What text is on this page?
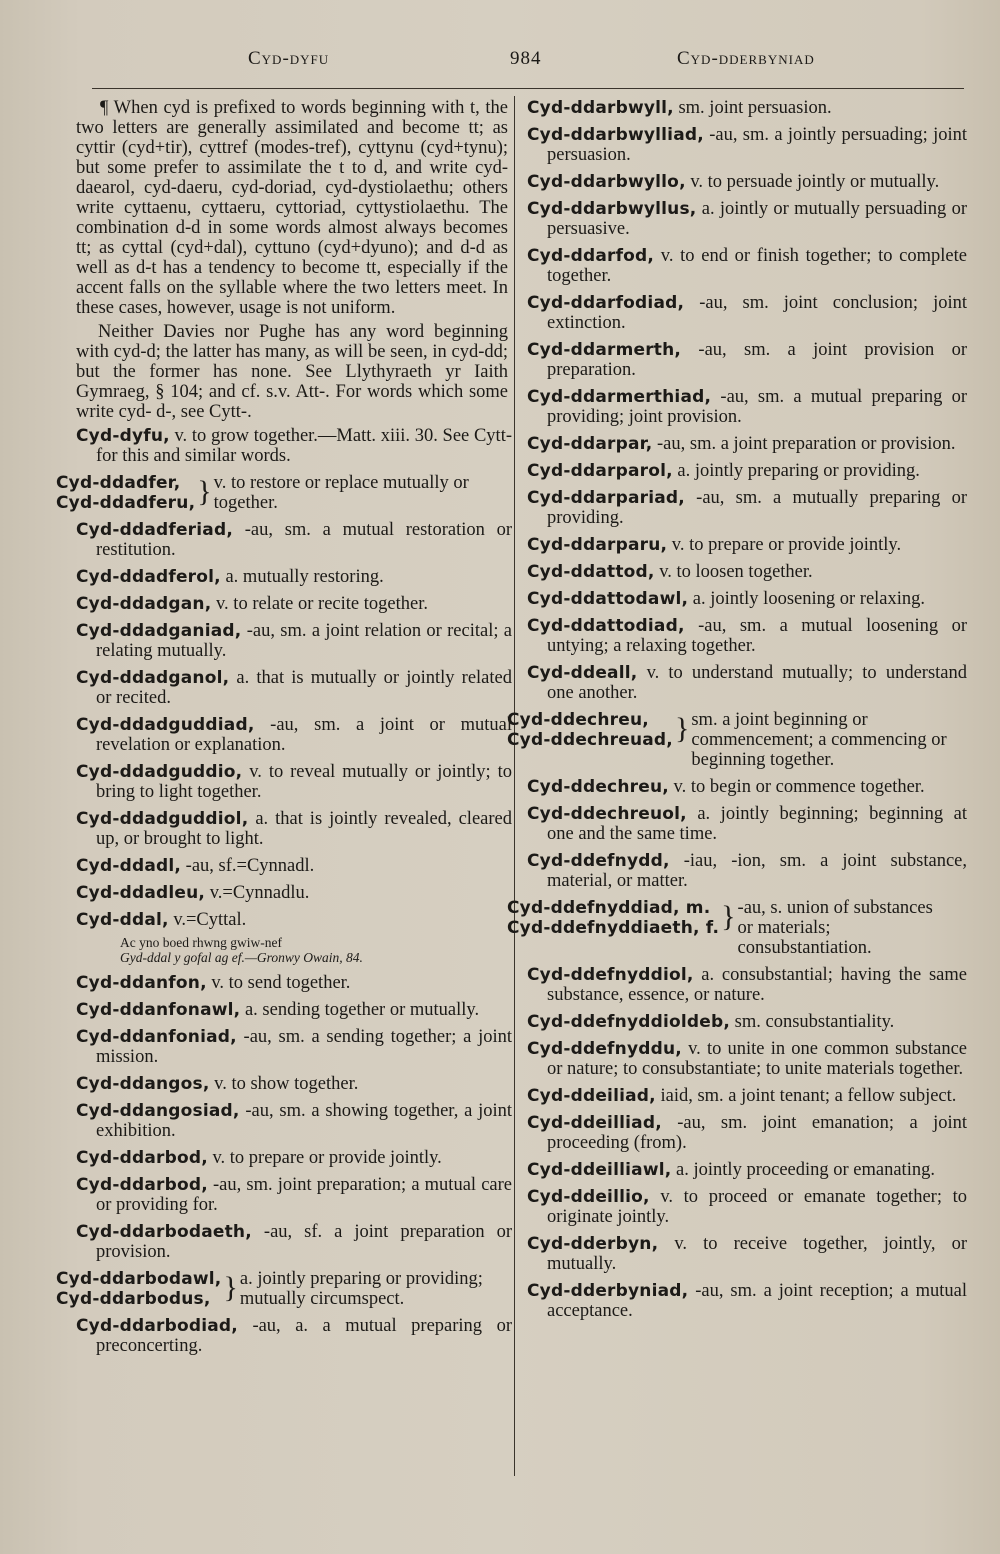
Cyd-dyfu	984	Cyd-dderbyniad

¶ When cyd is prefixed to words beginning with t, the two letters are generally assimilated and become tt; as cyttir (cyd+tir), cyttref (modes-tref), cyttynu (cyd+tynu); but some prefer to assimilate the t to d, and write cyd-daearol, cyd-daeru, cyd-doriad, cyd-dystiolaethu; others write cyttaenu, cyttaeru, cyttoriad, cyttystiolaethu. The combination d-d in some words almost always becomes tt; as cyttal (cyd+dal), cyttuno (cyd+dyuno); and d-d as well as d-t has a tendency to become tt, especially if the accent falls on the syllable where the two letters meet. In these cases, however, usage is not uniform.

Neither Davies nor Pughe has any word beginning with cyd-d; the latter has many, as will be seen, in cyd-dd; but the former has none. See Llythyraeth yr Iaith Gymraeg, § 104; and cf. s.v. Att-. For words which some write cyd- d-, see Cytt-.

Cyd-dyfu, v. to grow together.—Matt. xiii. 30. See Cytt- for this and similar words.

Cyd-ddadfer,
Cyd-ddadferu, } v. to restore or replace mutually or together.

Cyd-ddadferiad, -au, sm. a mutual restoration or restitution.

Cyd-ddadferol, a. mutually restoring.

Cyd-ddadgan, v. to relate or recite together.

Cyd-ddadganiad, -au, sm. a joint relation or recital; a relating mutually.

Cyd-ddadganol, a. that is mutually or jointly related or recited.

Cyd-ddadguddiad, -au, sm. a joint or mutual revelation or explanation.

Cyd-ddadguddio, v. to reveal mutually or jointly; to bring to light together.

Cyd-ddadguddiol, a. that is jointly revealed, cleared up, or brought to light.

Cyd-ddadl, -au, sf.=Cynnadl.

Cyd-ddadleu, v.=Cynnadlu.

Cyd-ddal, v.=Cyttal.

Ac yno boed rhwng gwiw-nef
Gyd-ddal y gofal ag ef.—Gronwy Owain, 84.

Cyd-ddanfon, v. to send together.

Cyd-ddanfonawl, a. sending together or mutually.

Cyd-ddanfoniad, -au, sm. a sending together; a joint mission.

Cyd-ddangos, v. to show together.

Cyd-ddangosiad, -au, sm. a showing together, a joint exhibition.

Cyd-ddarbod, v. to prepare or provide jointly.

Cyd-ddarbod, -au, sm. joint preparation; a mutual care or providing for.

Cyd-ddarbodaeth, -au, sf. a joint preparation or provision.

Cyd-ddarbodawl,
Cyd-ddarbodus, } a. jointly preparing or providing; mutually circumspect.

Cyd-ddarbodiad, -au, a. a mutual preparing or preconcerting.

Cyd-ddarbwyll, sm. joint persuasion.

Cyd-ddarbwylliad, -au, sm. a jointly persuading; joint persuasion.

Cyd-ddarbwyllo, v. to persuade jointly or mutually.

Cyd-ddarbwyllus, a. jointly or mutually persuading or persuasive.

Cyd-ddarfod, v. to end or finish together; to complete together.

Cyd-ddarfodiad, -au, sm. joint conclusion; joint extinction.

Cyd-ddarmerth, -au, sm. a joint provision or preparation.

Cyd-ddarmerthiad, -au, sm. a mutual preparing or providing; joint provision.

Cyd-ddarpar, -au, sm. a joint preparation or provision.

Cyd-ddarparol, a. jointly preparing or providing.

Cyd-ddarpariad, -au, sm. a mutually preparing or providing.

Cyd-ddarparu, v. to prepare or provide jointly.

Cyd-ddattod, v. to loosen together.

Cyd-ddattodawl, a. jointly loosening or relaxing.

Cyd-ddattodiad, -au, sm. a mutual loosening or untying; a relaxing together.

Cyd-ddeall, v. to understand mutually; to understand one another.

Cyd-ddechreu,
Cyd-ddechreuad, } sm. a joint beginning or commencement; a commencing or beginning together.

Cyd-ddechreu, v. to begin or commence together.

Cyd-ddechreuol, a. jointly beginning; beginning at one and the same time.

Cyd-ddefnydd, -iau, -ion, sm. a joint substance, material, or matter.

Cyd-ddefnyddiad, m.
Cyd-ddefnyddiaeth, f. } -au, s. union of substances or materials; consubstantiation.

Cyd-ddefnyddiol, a. consubstantial; having the same substance, essence, or nature.

Cyd-ddefnyddioldeb, sm. consubstantiality.

Cyd-ddefnyddu, v. to unite in one common substance or nature; to consubstantiate; to unite materials together.

Cyd-ddeiliad, iaid, sm. a joint tenant; a fellow subject.

Cyd-ddeilliad, -au, sm. joint emanation; a joint proceeding (from).

Cyd-ddeilliawl, a. jointly proceeding or emanating.

Cyd-ddeillio, v. to proceed or emanate together; to originate jointly.

Cyd-dderbyn, v. to receive together, jointly, or mutually.

Cyd-dderbyniad, -au, sm. a joint reception; a mutual acceptance.
